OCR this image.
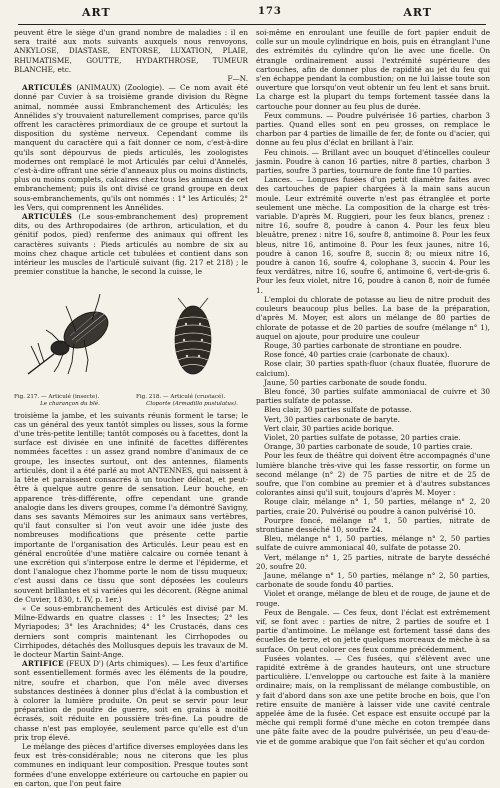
ART	173	ART

peuvent être le siège d'un grand nombre de maladies : il en sera traité aux mots suivants auxquels nous renvoyons, ANKYLOSE, DIASTASE, ENTORSE, LUXATION, PLAIE, RHUMATISME, GOUTTE, HYDARTHROSE, TUMEUR BLANCHE, etc.

F—N.

ARTICULÉS (ANIMAUX) (Zoologie). — Ce nom avait été donné par Cuvier à sa troisième grande division du Règne animal, nommée aussi Embranchement des Articulés; les Annélides s'y trouvaient naturellement comprises, parce qu'ils offrent les caractères primordiaux de ce groupe et surtout la disposition du système nerveux. Cependant comme ils manquent du caractère qui a fait donner ce nom, c'est-à-dire qu'ils sont dépourvus de pieds articulés, les zoologistes modernes ont remplacé le mot Articulés par celui d'Annelés, c'est-à-dire offrant une série d'anneaux plus ou moins distincts, plus ou moins complets, calcaires chez tous les animaux de cet embranchement; puis ils ont divisé ce grand groupe en deux sous-embranchements, qu'ils ont nommés : 1° les Articulés; 2° les Vers, qui comprennent les Annélides.

ARTICULÉS (Le sous-embranchement des) proprement dits, ou des Arthropodaires (de arthron, articulation, et du génitif podos, pied) renferme des animaux qui offrent les caractères suivants : Pieds articulés au nombre de six au moins chez chaque article cet tubulées et contient dans son intérieur les muscles de l'articulé suivant (fig. 217 et 218) ; le premier constitue la hanche, le second la cuisse, le

Fig. 217. — Articulé (insecte).
Le charançon du blé.
Fig. 218. — Articulé (crustacé).
Cloporte (Armadillo pustulatus).

troisième la jambe, et les suivants réunis forment le tarse; le cas un général des yeux tantôt simples ou lisses, sous la forme d'une très-petite lentille; tantôt composés ou à facettes, dont la surface est divisée en une infinité de facettes différentes nommées facettes : un assez grand nombre d'animaux de ce groupe, les insectes surtout, ont des antennes, filaments articulés, dont il a été parlé au mot ANTENNES, qui naissent à la tête et paraissent consacrés à un toucher délicat, et peut-être à quelque autre genre de sensation. Leur bouche, en apparence très-différente, offre cependant une grande analogie dans les divers groupes, comme l'a démontré Savigny, dans ses savants Mémoires sur les animaux sans vertèbres, qu'il faut consulter si l'on veut avoir une idée juste des nombreuses modifications que présente cette partie importante de l'organisation des Articulés. Leur peau est en général encroûtée d'une matière calcaire ou cornée tenant à une excrétion qui s'interpose entre le derme et l'épiderme, et dont l'analogue chez l'homme porte le nom de tissu muqueux; c'est aussi dans ce tissu que sont déposées les couleurs souvent brillantes et si variées qui les décorent. (Règne animal de Cuvier, 1830, t. IV, p. 1er.)

« Ce sous-embranchement des Articulés est divisé par M. Milne-Edwards en quatre classes : 1° les Insectes; 2° les Myriapodes; 3° les Arachnides; 4° les Crustacés, dans ces derniers sont compris maintenant les Cirrhopodes ou Cirrhipodes, détachés des Mollusques depuis les travaux de M. le docteur Martin Saint-Ange.

ARTIFICE (FEUX D') (Arts chimiques). — Les feux d'artifice sont essentiellement formés avec les éléments de la poudre, nitre, soufre et charbon, que l'on mêle avec diverses substances destinées à donner plus d'éclat à la combustion et à colorer la lumière produite. On peut se servir pour leur préparation de poudre de guerre, soit en grains à moitié écrasés, soit réduite en poussière très-fine. La poudre de chasse n'est pas employée, seulement parce qu'elle est d'un prix trop élevé.

Le mélange des pièces d'artifice diverses employées dans les feux est très-considérable; nous ne citerons que les plus communes en indiquant leur composition. Presque toutes sont formées d'une enveloppe extérieure ou cartouche en papier ou en carton, que l'on peut faire

soi-même en enroulant une feuille de fort papier enduit de colle sur un moule cylindrique en bois, puis en étranglant l'une des extrémités du cylindre qu'on lie avec une ficelle. On étrangle ordinairement aussi l'extrémité supérieure des cartouches, afin de donner plus de rapidité au jet du feu qui s'en échappe pendant la combustion; on ne lui laisse toute son ouverture que lorsqu'on veut obtenir un feu lent et sans bruit. La charge est la plupart du temps fortement tassée dans la cartouche pour donner au feu plus de durée.

Feux communs. — Poudre pulvérisée 16 parties, charbon 3 parties. Quand elles sont en peu grosses, on remplace le charbon par 4 parties de limaille de fer, de fonte ou d'acier, qui donne au feu plus d'éclat en brillant à l'air.

Feu chinois. — Brillant avec un bouquet d'étincelles couleur jasmin. Poudre à canon 16 parties, nitre 8 parties, charbon 3 parties, soufre 3 parties, tournure de fonte fine 10 parties.

Lances. — Longues fusées d'un petit diamètre faites avec des cartouches de papier chargées à la main sans aucun moule. Leur extrémité ouverte n'est pas étranglée et porte seulement une mèche. La composition de la charge est très-variable. D'après M. Ruggieri, pour les feux blancs, prenez : nitre 16, soufre 8, poudre à canon 4. Pour les feux bleu bleuâtre, prenez : nitre 16, soufre 8, antimoine 8. Pour les feux bleus, nitre 16, antimoine 8. Pour les feux jaunes, nitre 16, poudre à canon 16, soufre 8, succin 8; ou mieux nitre 16, poudre à canon 16, soufre 4, colophane 3, succin 4. Pour les feux verdâtres, nitre 16, soufre 6, antimoine 6, vert-de-gris 6. Pour les feux violet, nitre 16, poudre à canon 8, noir de fumée 1.

L'emploi du chlorate de potasse au lieu de nitre produit des couleurs beaucoup plus belles. La base de la préparation, d'après M. Moyer, est alors un mélange de 80 parties de chlorate de potasse et de 20 parties de soufre (mélange n° 1), auquel on ajoute, pour produire une couleur

Rouge, 30 parties carbonate de strontiane en poudre.

Rose foncé, 40 parties craie (carbonate de chaux).

Rose clair, 30 parties spath-fluor (chaux fluatée, fluorure de calcium).

Jaune, 50 parties carbonate de soude fondu.

Bleu foncé, 30 parties sulfate ammoniacal de cuivre et 30 parties sulfate de potasse.

Bleu clair, 30 parties sulfate de potasse.

Vert, 30 parties carbonate de baryte.

Vert clair, 30 parties acide borique.

Violet, 20 parties sulfate de potasse, 20 parties craie.

Orange, 30 parties carbonate de soude, 10 parties craie.

Pour les feux de théâtre qui doivent être accompagnés d'une lumière blanche très-vive qui les fasse ressortir, on forme un second mélange (n° 2) de 75 parties de nitre et de 25 de soufre, que l'on combine au premier et à d'autres substances colorantes ainsi qu'il suit, toujours d'après M. Moyer :

Rouge clair, mélange n° 1, 50 parties, mélange n° 2, 20 parties, craie 20. Pulvérisé ou poudre à canon pulvérisé 10.

Pourpre foncé, mélange n° 1, 50 parties, nitrate de strontiane desséché 10, soufre 24.

Bleu, mélange n° 1, 50 parties, mélange n° 2, 50 parties sulfate de cuivre ammoniacal 40, sulfate de potasse 20.

Vert, mélange n° 1, 25 parties, nitrate de baryte desséché 20, soufre 20.

Jaune, mélange n° 1, 50 parties, mélange n° 2, 50 parties, carbonate de soude fondu 40 parties.

Violet et orange, mélange de bleu et de rouge, de jaune et de rouge.

Feux de Bengale. — Ces feux, dont l'éclat est extrêmement vif, se font avec : parties de nitre, 2 parties de soufre et 1 partie d'antimoine. Le mélange est fortement tassé dans des écuelles de terre, et on jette quelques morceaux de mèche à sa surface. On peut colorer ces feux comme précédemment.

Fusées volantes. — Ces fusées, qui s'élèvent avec une rapidité extrême à de grandes hauteurs, ont une structure particulière. L'enveloppe ou cartouche est faite à la manière ordinaire; mais, on la remplissant de mélange combustible, on y fait d'abord dans son axe une petite broche en bois, que l'on retire ensuite de manière à laisser vide une cavité centrale appelée âme de la fusée. Cet espace est ensuite occupé par la mèche qui rempli formé d'une mèche en coton trempée dans une pâte faite avec de la poudre pulvérisée, un peu d'eau-de-vie et de gomme arabique que l'on fait sécher et qu'au cordon
